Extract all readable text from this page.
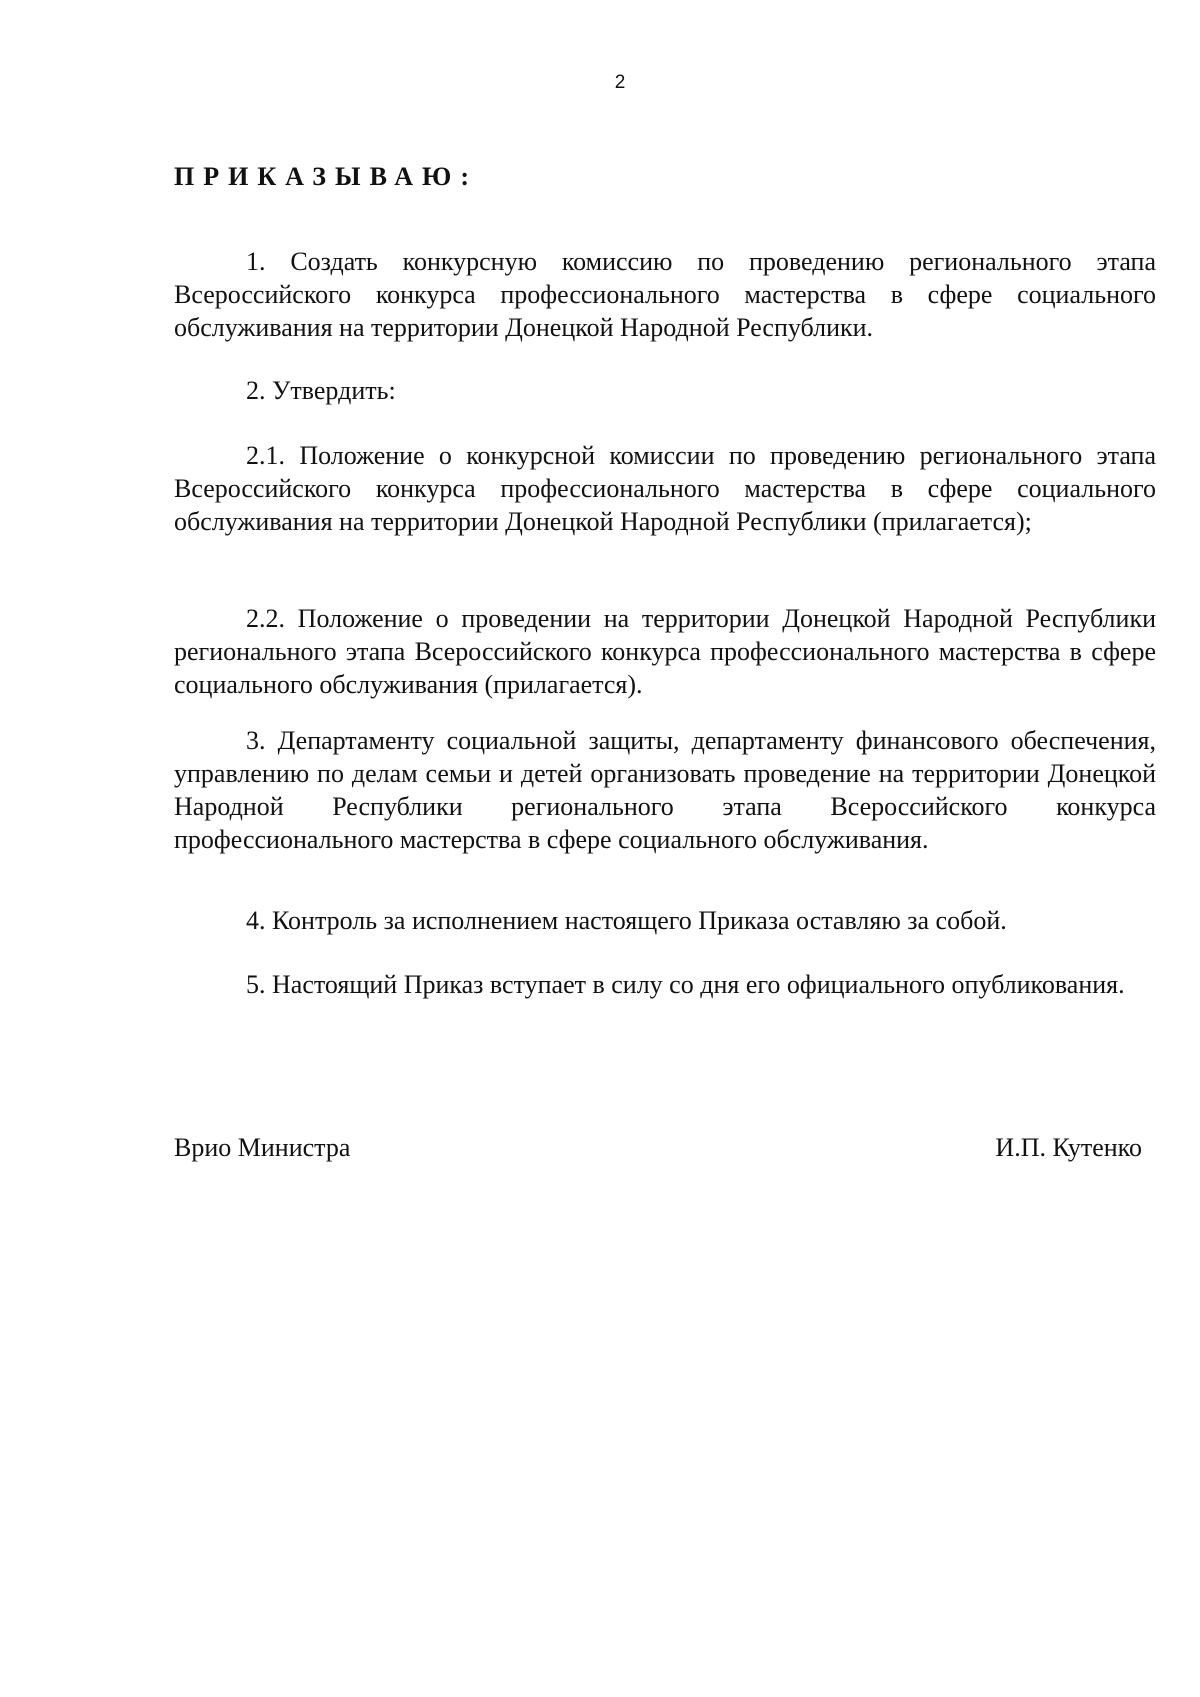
2
ПРИКАЗЫВАЮ:
1. Создать конкурсную комиссию по проведению регионального этапа Всероссийского конкурса профессионального мастерства в сфере социального обслуживания на территории Донецкой Народной Республики.
2. Утвердить:
2.1. Положение о конкурсной комиссии по проведению регионального этапа Всероссийского конкурса профессионального мастерства в сфере социального обслуживания на территории Донецкой Народной Республики (прилагается);
2.2. Положение о проведении на территории Донецкой Народной Республики регионального этапа Всероссийского конкурса профессионального мастерства в сфере социального обслуживания (прилагается).
3. Департаменту социальной защиты, департаменту финансового обеспечения, управлению по делам семьи и детей организовать проведение на территории Донецкой Народной Республики регионального этапа Всероссийского конкурса профессионального мастерства в сфере социального обслуживания.
4. Контроль за исполнением настоящего Приказа оставляю за собой.
5. Настоящий Приказ вступает в силу со дня его официального опубликования.
Врио Министра	И.П. Кутенко
